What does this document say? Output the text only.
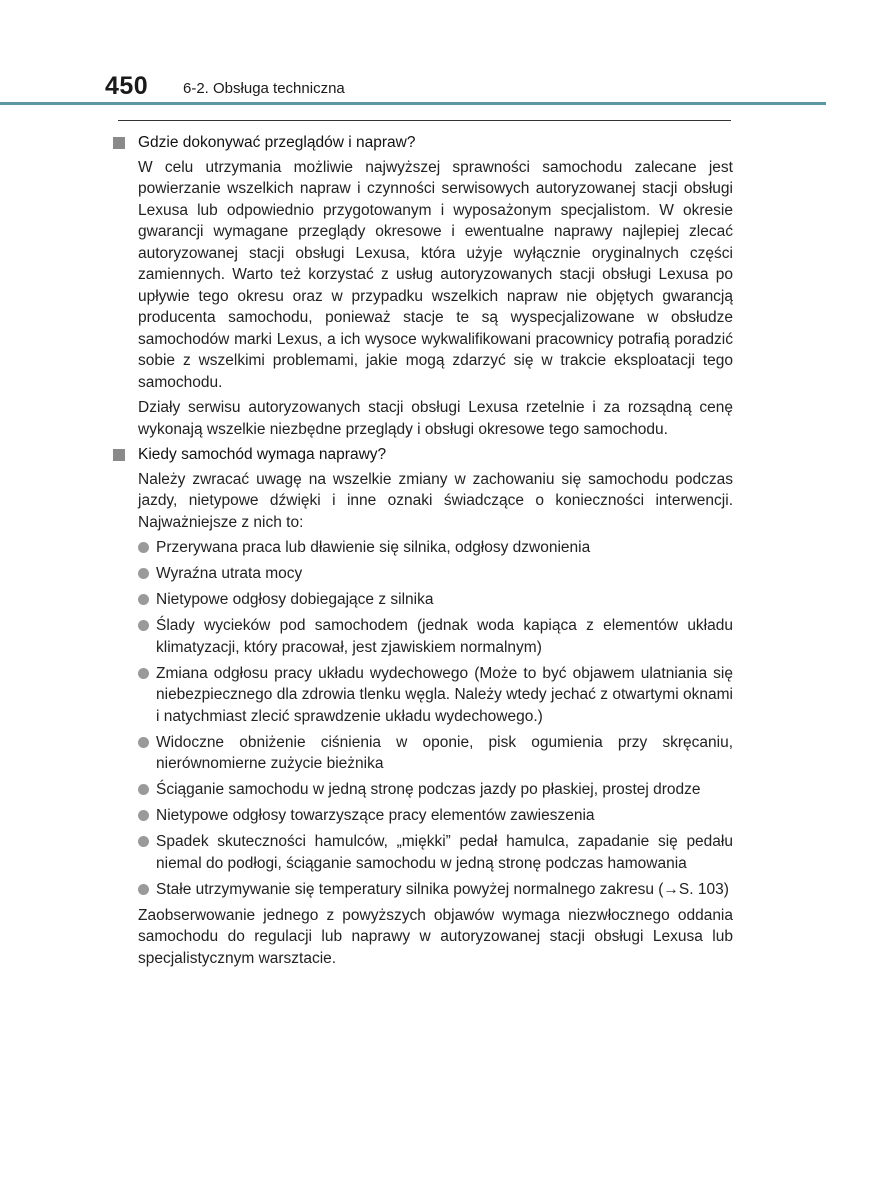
450 6-2. Obsługa techniczna
Gdzie dokonywać przeglądów i napraw?

W celu utrzymania możliwie najwyższej sprawności samochodu zalecane jest powierzanie wszelkich napraw i czynności serwisowych autoryzowanej stacji obsługi Lexusa lub odpowiednio przygotowanym i wyposażonym specjalistom. W okresie gwarancji wymagane przeglądy okresowe i ewentualne naprawy najlepiej zlecać autoryzowanej stacji obsługi Lexusa, która użyje wyłącznie oryginalnych części zamiennych. Warto też korzystać z usług autoryzowanych stacji obsługi Lexusa po upływie tego okresu oraz w przypadku wszelkich napraw nie objętych gwarancją producenta samochodu, ponieważ stacje te są wyspecjalizowane w obsłudze samochodów marki Lexus, a ich wysoce wykwalifikowani pracownicy potrafią poradzić sobie z wszelkimi problemami, jakie mogą zdarzyć się w trakcie eksploatacji tego samochodu.

Działy serwisu autoryzowanych stacji obsługi Lexusa rzetelnie i za rozsądną cenę wykonają wszelkie niezbędne przeglądy i obsługi okresowe tego samochodu.

Kiedy samochód wymaga naprawy?

Należy zwracać uwagę na wszelkie zmiany w zachowaniu się samochodu podczas jazdy, nietypowe dźwięki i inne oznaki świadczące o konieczności interwencji. Najważniejsze z nich to:

Przerywana praca lub dławienie się silnika, odgłosy dzwonienia
Wyraźna utrata mocy
Nietypowe odgłosy dobiegające z silnika
Ślady wycieków pod samochodem (jednak woda kapiąca z elementów układu klimatyzacji, który pracował, jest zjawiskiem normalnym)
Zmiana odgłosu pracy układu wydechowego (Może to być objawem ulatniania się niebezpiecznego dla zdrowia tlenku węgla. Należy wtedy jechać z otwartymi oknami i natychmiast zlecić sprawdzenie układu wydechowego.)
Widoczne obniżenie ciśnienia w oponie, pisk ogumienia przy skręcaniu, nierównomierne zużycie bieżnika
Ściąganie samochodu w jedną stronę podczas jazdy po płaskiej, prostej drodze
Nietypowe odgłosy towarzyszące pracy elementów zawieszenia
Spadek skuteczności hamulców, „miękki” pedał hamulca, zapadanie się pedału niemal do podłogi, ściąganie samochodu w jedną stronę podczas hamowania
Stałe utrzymywanie się temperatury silnika powyżej normalnego zakresu (→S. 103)

Zaobserwowanie jednego z powyższych objawów wymaga niezwłocznego oddania samochodu do regulacji lub naprawy w autoryzowanej stacji obsługi Lexusa lub specjalistycznym warsztacie.
